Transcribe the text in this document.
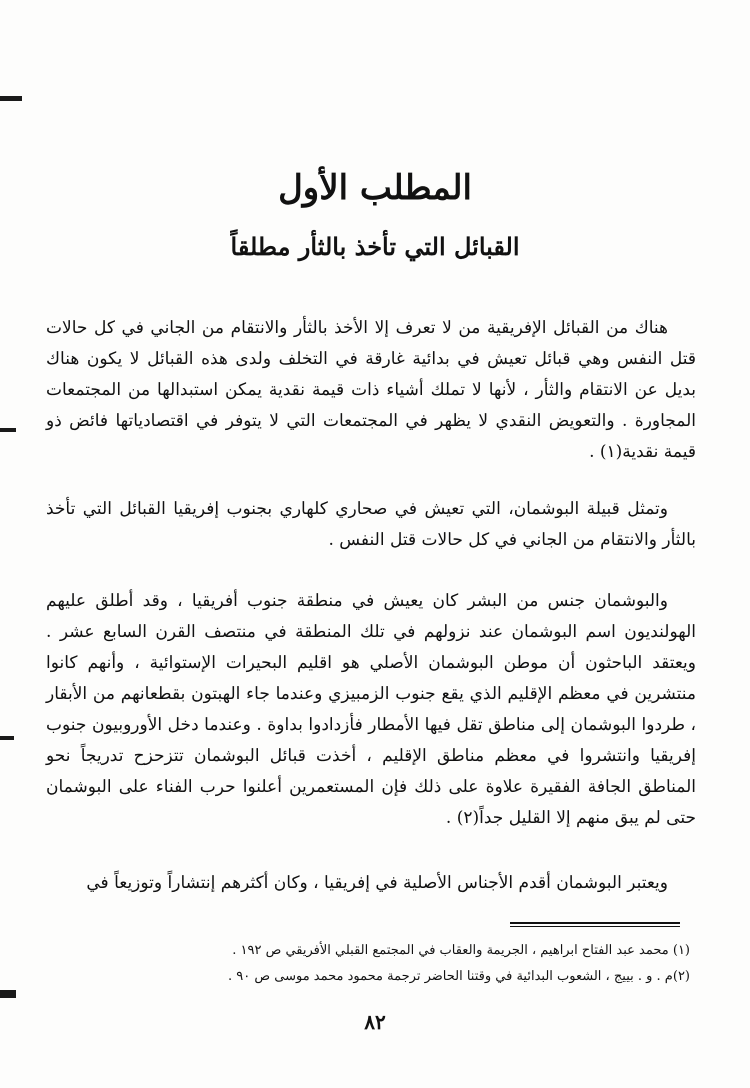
المطلب الأول
القبائل التي تأخذ بالثأر مطلقاً

هناك من القبائل الإفريقية من لا تعرف إلا الأخذ بالثأر والانتقام من الجاني في كل حالات قتل النفس وهي قبائل تعيش في بدائية غارقة في التخلف ولدى هذه القبائل لا يكون هناك بديل عن الانتقام والثأر ، لأنها لا تملك أشياء ذات قيمة نقدية يمكن استبدالها من المجتمعات المجاورة . والتعويض النقدي لا يظهر في المجتمعات التي لا يتوفر في اقتصادياتها فائض ذو قيمة نقدية(١) .

وتمثل قبيلة البوشمان، التي تعيش في صحاري كلهاري بجنوب إفريقيا القبائل التي تأخذ بالثأر والانتقام من الجاني في كل حالات قتل النفس .

والبوشمان جنس من البشر كان يعيش في منطقة جنوب أفريقيا ، وقد أطلق عليهم الهولنديون اسم البوشمان عند نزولهم في تلك المنطقة في منتصف القرن السابع عشر . ويعتقد الباحثون أن موطن البوشمان الأصلي هو اقليم البحيرات الإستوائية ، وأنهم كانوا منتشرين في معظم الإقليم الذي يقع جنوب الزمبيزي وعندما جاء الهبتون بقطعانهم من الأبقار ، طردوا البوشمان إلى مناطق تقل فيها الأمطار فأزدادوا بداوة . وعندما دخل الأوروبيون جنوب إفريقيا وانتشروا في معظم مناطق الإقليم ، أخذت قبائل البوشمان تتزحزح تدريجاً نحو المناطق الجافة الفقيرة علاوة على ذلك فإن المستعمرين أعلنوا حرب الفناء على البوشمان حتى لم يبق منهم إلا القليل جداً(٢) .

ويعتبر البوشمان أقدم الأجناس الأصلية في إفريقيا ، وكان أكثرهم إنتشاراً وتوزيعاً في

(١) محمد عبد الفتاح ابراهيم ، الجريمة والعقاب في المجتمع القبلي الأفريقي ص ١٩٢ .
(٢)م . و . بييج ، الشعوب البدائية في وقتنا الحاضر ترجمة محمود محمد موسى ص ٩٠ .
٨٢
